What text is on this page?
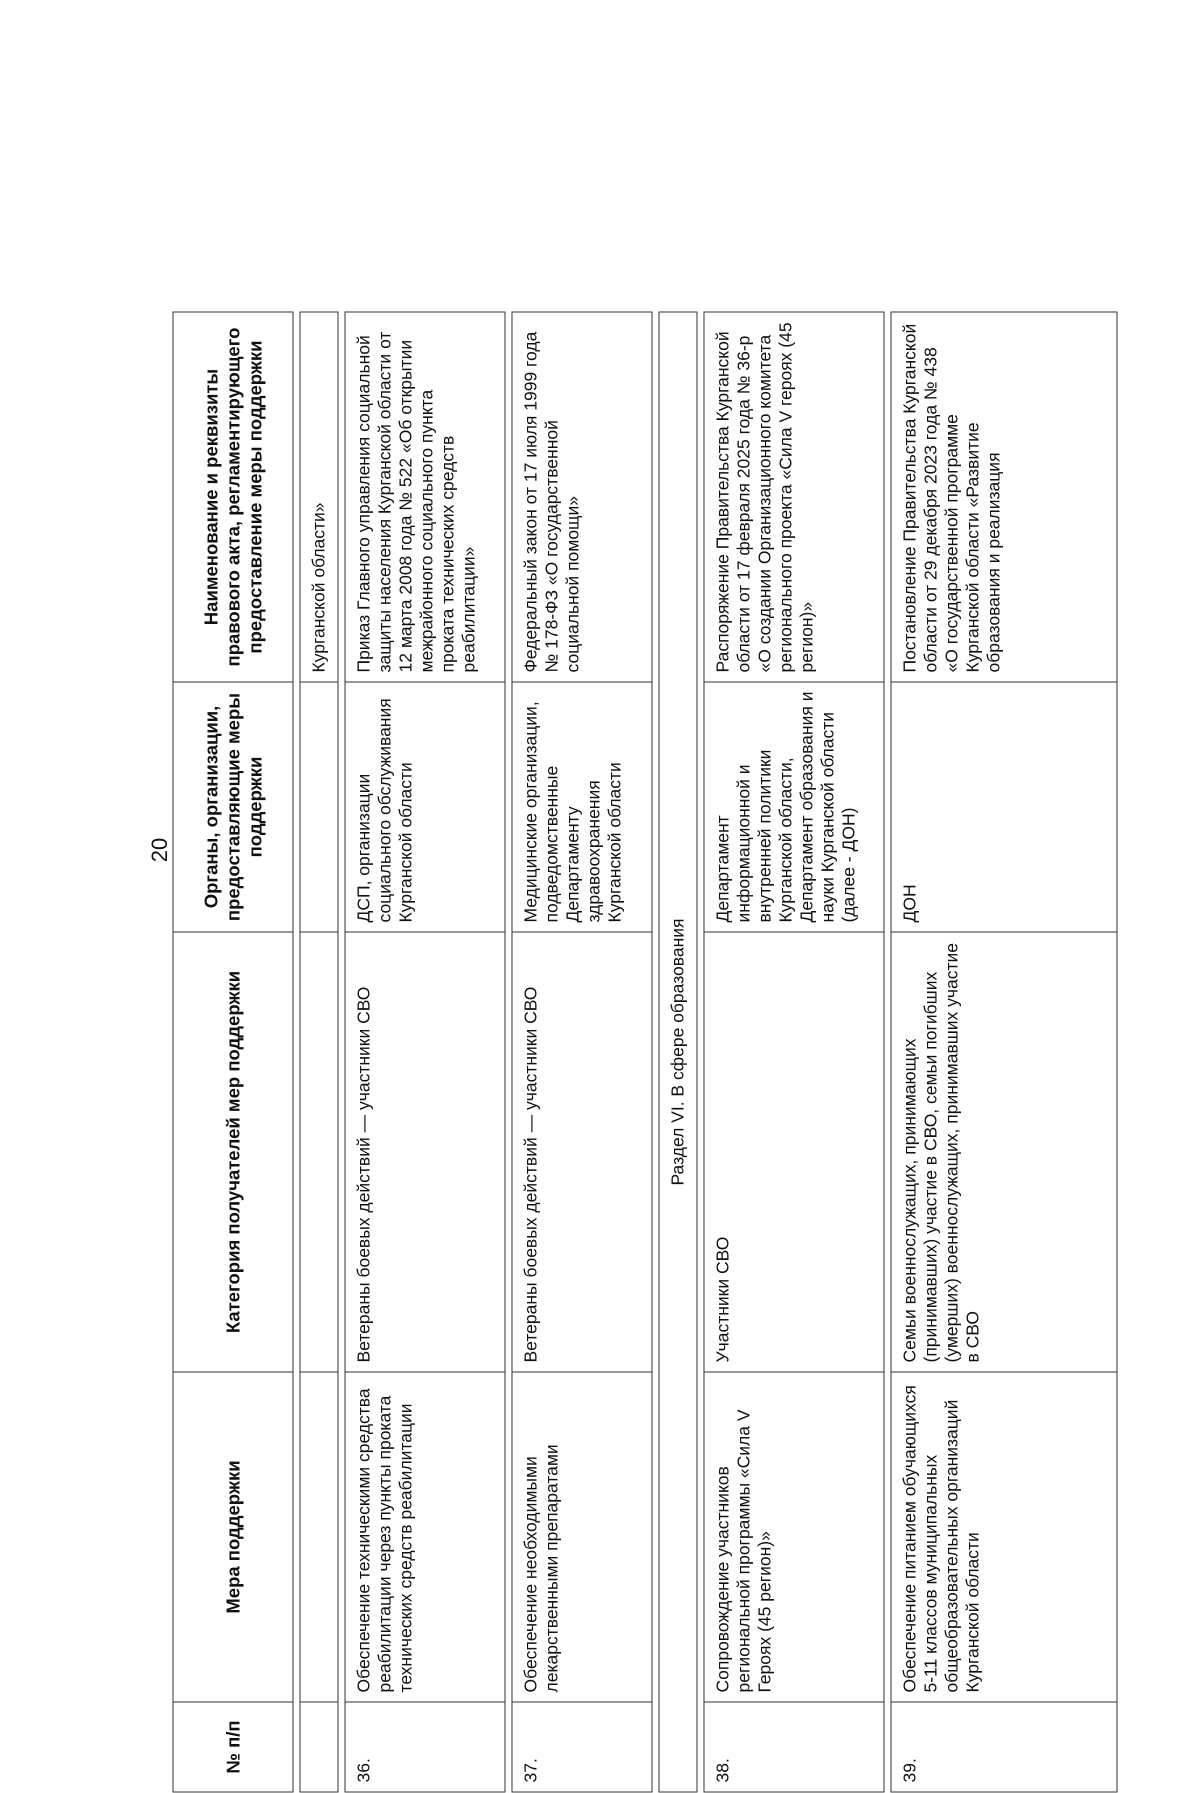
20
№ п/п	Мера поддержки	Категория получателей мер поддержки	Органы, организации, предоставляющие меры поддержки	Наименование и реквизиты правового акта, регламентирующего предоставление меры поддержки

				Курганской области»

36.	Обеспечение техническими средства реабилитации через пункты проката технических средств реабилитации	Ветераны боевых действий — участники СВО	ДСП, организации социального обслуживания Курганской области	Приказ Главного управления социальной защиты населения Курганской области от 12 марта 2008 года № 522 «Об открытии межрайонного социального пункта проката технических средств реабилитации»

37.	Обеспечение необходимыми лекарственными препаратами	Ветераны боевых действий — участники СВО	Медицинские организации, подведомственные Департаменту здравоохранения Курганской области	Федеральный закон от 17 июля 1999 года № 178-ФЗ «О государственной социальной помощи»

Раздел VI. В сфере образования				

38.	Сопровождение участников региональной программы «Сила V Героях (45 регион)»	Участники СВО	Департамент информационной и внутренней политики Курганской области, Департамент образования и науки Курганской области (далее - ДОН)	Распоряжение Правительства Курганской области от 17 февраля 2025 года № 36-р «О создании Организационного комитета регионального проекта «Сила V героях (45 регион)»

39.	Обеспечение питанием обучающихся 5-11 классов муниципальных общеобразовательных организаций Курганской области	Семьи военнослужащих, принимающих (принимавших) участие в СВО, семьи погибших (умерших) военнослужащих, принимавших участие в СВО	ДОН	Постановление Правительства Курганской области от 29 декабря 2023 года № 438 «О государственной программе Курганской области «Развитие образования и реализация
